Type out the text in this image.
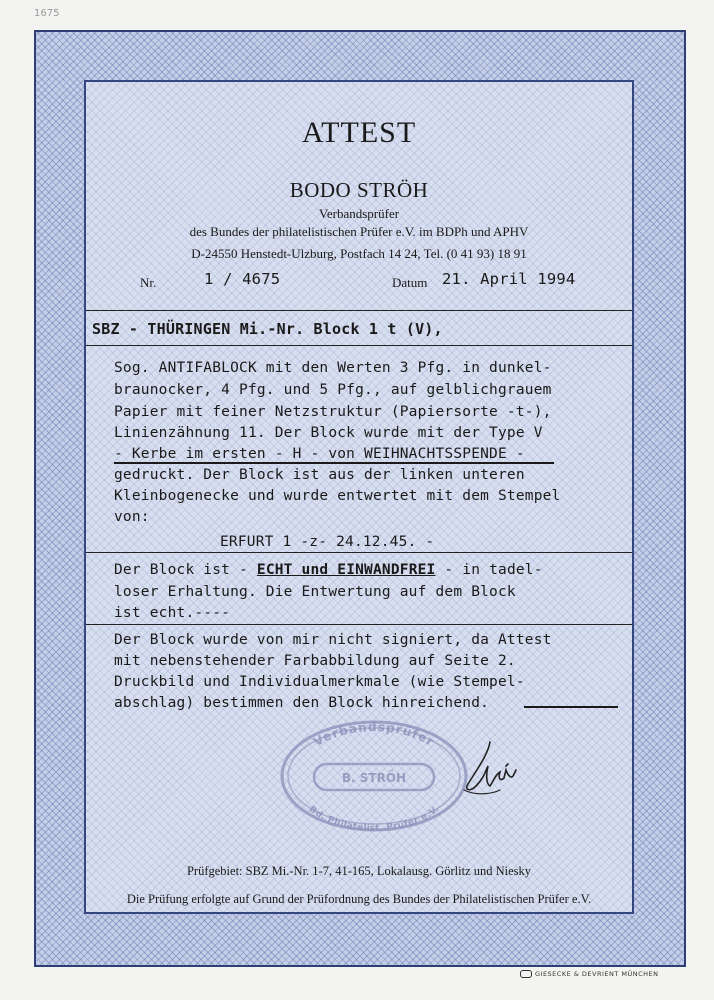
1675
ATTEST
BODO STRÖH
Verbandsprüfer
des Bundes der philatelistischen Prüfer e.V. im BDPh und APHV
D-24550 Henstedt-Ulzburg, Postfach 14 24, Tel. (0 41 93) 18 91
Nr.	1 / 4675	Datum 21. April 1994
SBZ - THÜRINGEN Mi.-Nr. Block 1 t (V),
Sog. ANTIFABLOCK mit den Werten 3 Pfg. in dunkel-
braunocker, 4 Pfg. und 5 Pfg., auf gelblichgrauem
Papier mit feiner Netzstruktur (Papiersorte -t-),
Linienzähnung 11. Der Block wurde mit der Type V
- Kerbe im ersten - H - von WEIHNACHTSSPENDE -
gedruckt. Der Block ist aus der linken unteren
Kleinbogenecke und wurde entwertet mit dem Stempel
von:
ERFURT 1 -z- 24.12.45. -
Der Block ist - ECHT und EINWANDFREI - in tadel-
loser Erhaltung. Die Entwertung auf dem Block
ist echt.----
Der Block wurde von mir nicht signiert, da Attest
mit nebenstehender Farbabbildung auf Seite 2.
Druckbild und Individualmerkmale (wie Stempel-
abschlag) bestimmen den Block hinreichend.
Verbandsprüfer
B. STRÖH
Bd. Philatelist. Prüfer e.V.
Prüfgebiet: SBZ Mi.-Nr. 1-7, 41-165, Lokalausg. Görlitz und Niesky
Die Prüfung erfolgte auf Grund der Prüfordnung des Bundes der Philatelistischen Prüfer e.V.
GIESECKE & DEVRIENT MÜNCHEN
